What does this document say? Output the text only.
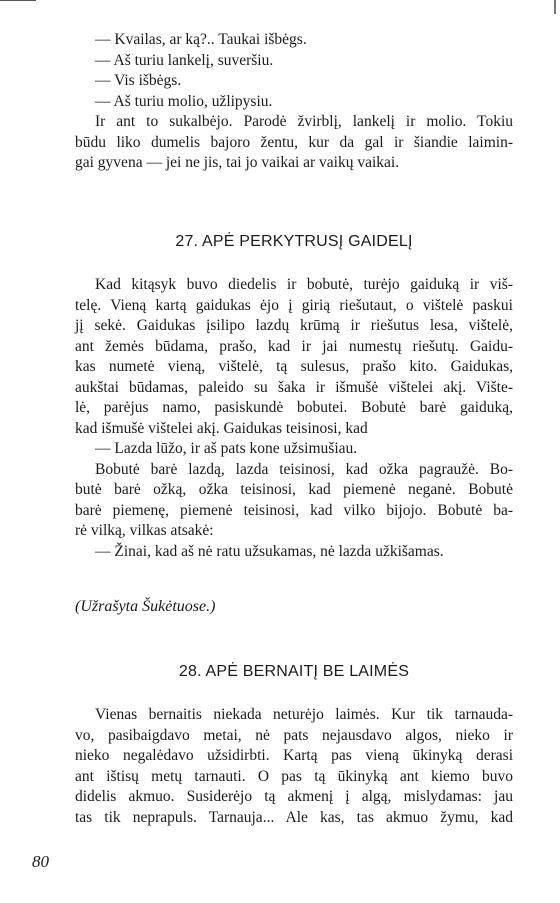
— Kvailas, ar ką?.. Taukai išbėgs.
— Aš turiu lankelį, suveršiu.
— Vis išbėgs.
— Aš turiu molio, užlipysiu.
Ir ant to sukalbėjo. Parodė žvirblį, lankelį ir molio. Tokiu
būdu liko dumelis bajoro žentu, kur da gal ir šiandie laimin-
gai gyvena — jei ne jis, tai jo vaikai ar vaikų vaikai.
27. APĖ PERKYTRUSĮ GAIDELĮ
Kad kitąsyk buvo diedelis ir bobutė, turėjo gaiduką ir viš-
telę. Vieną kartą gaidukas ėjo į girią riešutaut, o vištelė paskui
jį sekė. Gaidukas įsilipo lazdų krūmą ir riešutus lesa, vištelė,
ant žemės būdama, prašo, kad ir jai numestų riešutų. Gaidu-
kas numetė vieną, vištelė, tą sulesus, prašo kito. Gaidukas,
aukštai būdamas, paleido su šaka ir išmušė vištelei akį. Vište-
lė, parėjus namo, pasiskundė bobutei. Bobutė barė gaiduką,
kad išmušė vištelei akį. Gaidukas teisinosi, kad
— Lazda lūžo, ir aš pats kone užsimušiau.
Bobutė barė lazdą, lazda teisinosi, kad ožka pagraužė. Bo-
butė barė ožką, ožka teisinosi, kad piemenė neganė. Bobutė
barė piemenę, piemenė teisinosi, kad vilko bijojo. Bobutė ba-
rė vilką, vilkas atsakė:
— Žinai, kad aš nė ratu užsukamas, nė lazda užkišamas.
(Užrašyta Šukėtuose.)
28. APĖ BERNAITĮ BE LAIMĖS
Vienas bernaitis niekada neturėjo laimės. Kur tik tarnauda-
vo, pasibaigdavo metai, nė pats nejausdavo algos, nieko ir
nieko negalėdavo užsidirbti. Kartą pas vieną ūkinyką derasi
ant ištisų metų tarnauti. O pas tą ūkinyką ant kiemo buvo
didelis akmuo. Susiderėjo tą akmenį į algą, mislydamas: jau
tas tik neprapuls. Tarnauja... Ale kas, tas akmuo žymu, kad
80
